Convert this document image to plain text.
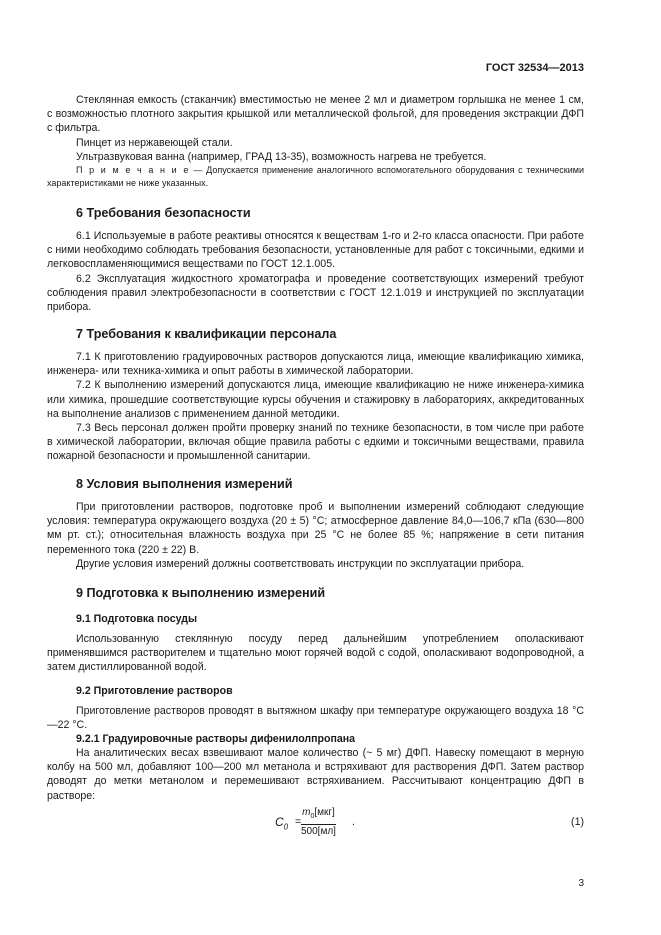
ГОСТ 32534—2013

Стеклянная емкость (стаканчик) вместимостью не менее 2 мл и диаметром горлышка не менее 1 см, с возможностью плотного закрытия крышкой или металлической фольгой, для проведения экстракции ДФП с фильтра.

Пинцет из нержавеющей стали.

Ультразвуковая ванна (например, ГРАД 13-35), возможность нагрева не требуется.

П р и м е ч а н и е — Допускается применение аналогичного вспомогательного оборудования с техническими характеристиками не ниже указанных.

6 Требования безопасности

6.1 Используемые в работе реактивы относятся к веществам 1-го и 2-го класса опасности. При работе с ними необходимо соблюдать требования безопасности, установленные для работ с токсичными, едкими и легковоспламеняющимися веществами по ГОСТ 12.1.005.

6.2 Эксплуатация жидкостного хроматографа и проведение соответствующих измерений требуют соблюдения правил электробезопасности в соответствии с ГОСТ 12.1.019 и инструкцией по эксплуатации прибора.

7 Требования к квалификации персонала

7.1 К приготовлению градуировочных растворов допускаются лица, имеющие квалификацию химика, инженера- или техника-химика и опыт работы в химической лаборатории.

7.2 К выполнению измерений допускаются лица, имеющие квалификацию не ниже инженера-химика или химика, прошедшие соответствующие курсы обучения и стажировку в лабораториях, аккредитованных на выполнение анализов с применением данной методики.

7.3 Весь персонал должен пройти проверку знаний по технике безопасности, в том числе при работе в химической лаборатории, включая общие правила работы с едкими и токсичными веществами, правила пожарной безопасности и промышленной санитарии.

8 Условия выполнения измерений

При приготовлении растворов, подготовке проб и выполнении измерений соблюдают следующие условия: температура окружающего воздуха (20 ± 5) °С; атмосферное давление 84,0—106,7 кПа (630—800 мм рт. ст.); относительная влажность воздуха при 25 °С не более 85 %; напряжение в сети питания переменного тока (220 ± 22) В.

Другие условия измерений должны соответствовать инструкции по эксплуатации прибора.

9 Подготовка к выполнению измерений
9.1 Подготовка посуды

Использованную стеклянную посуду перед дальнейшим употреблением ополаскивают применявшимся растворителем и тщательно моют горячей водой с содой, ополаскивают водопроводной, а затем дистиллированной водой.

9.2 Приготовление растворов

Приготовление растворов проводят в вытяжном шкафу при температуре окружающего воздуха 18 °С—22 °С.

9.2.1 Градуировочные растворы дифенилолпропана

На аналитических весах взвешивают малое количество (~ 5 мг) ДФП. Навеску помещают в мерную колбу на 500 мл, добавляют 100—200 мл метанола и встряхивают для растворения ДФП. Затем раствор доводят до метки метанолом и перемешивают встряхиванием. Рассчитывают концентрацию ДФП в растворе:

$C_0$ =
$m_0[мкг]$
500[мл]
.	(1)
3
